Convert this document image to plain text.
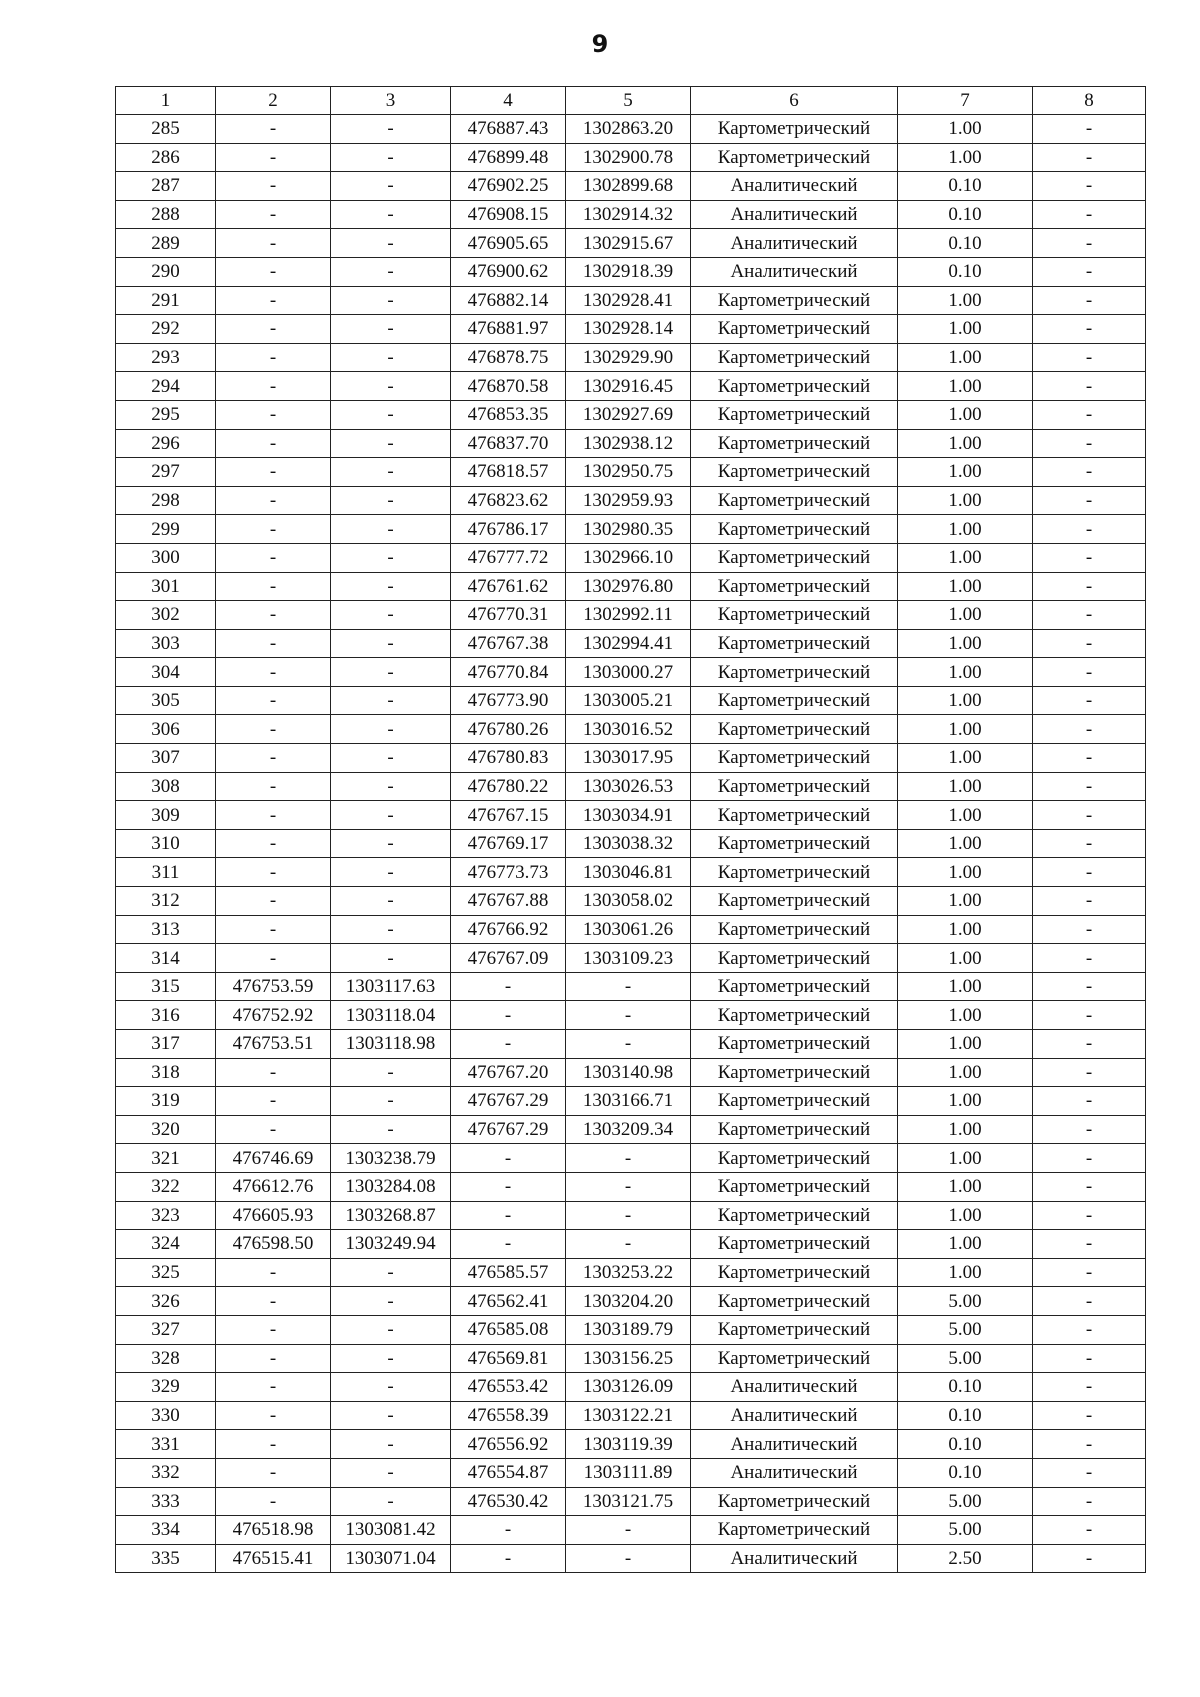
9
1	2	3	4	5	6	7	8
285	-	-	476887.43	1302863.20	Картометрический	1.00	-
286	-	-	476899.48	1302900.78	Картометрический	1.00	-
287	-	-	476902.25	1302899.68	Аналитический	0.10	-
288	-	-	476908.15	1302914.32	Аналитический	0.10	-
289	-	-	476905.65	1302915.67	Аналитический	0.10	-
290	-	-	476900.62	1302918.39	Аналитический	0.10	-
291	-	-	476882.14	1302928.41	Картометрический	1.00	-
292	-	-	476881.97	1302928.14	Картометрический	1.00	-
293	-	-	476878.75	1302929.90	Картометрический	1.00	-
294	-	-	476870.58	1302916.45	Картометрический	1.00	-
295	-	-	476853.35	1302927.69	Картометрический	1.00	-
296	-	-	476837.70	1302938.12	Картометрический	1.00	-
297	-	-	476818.57	1302950.75	Картометрический	1.00	-
298	-	-	476823.62	1302959.93	Картометрический	1.00	-
299	-	-	476786.17	1302980.35	Картометрический	1.00	-
300	-	-	476777.72	1302966.10	Картометрический	1.00	-
301	-	-	476761.62	1302976.80	Картометрический	1.00	-
302	-	-	476770.31	1302992.11	Картометрический	1.00	-
303	-	-	476767.38	1302994.41	Картометрический	1.00	-
304	-	-	476770.84	1303000.27	Картометрический	1.00	-
305	-	-	476773.90	1303005.21	Картометрический	1.00	-
306	-	-	476780.26	1303016.52	Картометрический	1.00	-
307	-	-	476780.83	1303017.95	Картометрический	1.00	-
308	-	-	476780.22	1303026.53	Картометрический	1.00	-
309	-	-	476767.15	1303034.91	Картометрический	1.00	-
310	-	-	476769.17	1303038.32	Картометрический	1.00	-
311	-	-	476773.73	1303046.81	Картометрический	1.00	-
312	-	-	476767.88	1303058.02	Картометрический	1.00	-
313	-	-	476766.92	1303061.26	Картометрический	1.00	-
314	-	-	476767.09	1303109.23	Картометрический	1.00	-
315	476753.59	1303117.63	-	-	Картометрический	1.00	-
316	476752.92	1303118.04	-	-	Картометрический	1.00	-
317	476753.51	1303118.98	-	-	Картометрический	1.00	-
318	-	-	476767.20	1303140.98	Картометрический	1.00	-
319	-	-	476767.29	1303166.71	Картометрический	1.00	-
320	-	-	476767.29	1303209.34	Картометрический	1.00	-
321	476746.69	1303238.79	-	-	Картометрический	1.00	-
322	476612.76	1303284.08	-	-	Картометрический	1.00	-
323	476605.93	1303268.87	-	-	Картометрический	1.00	-
324	476598.50	1303249.94	-	-	Картометрический	1.00	-
325	-	-	476585.57	1303253.22	Картометрический	1.00	-
326	-	-	476562.41	1303204.20	Картометрический	5.00	-
327	-	-	476585.08	1303189.79	Картометрический	5.00	-
328	-	-	476569.81	1303156.25	Картометрический	5.00	-
329	-	-	476553.42	1303126.09	Аналитический	0.10	-
330	-	-	476558.39	1303122.21	Аналитический	0.10	-
331	-	-	476556.92	1303119.39	Аналитический	0.10	-
332	-	-	476554.87	1303111.89	Аналитический	0.10	-
333	-	-	476530.42	1303121.75	Картометрический	5.00	-
334	476518.98	1303081.42	-	-	Картометрический	5.00	-
335	476515.41	1303071.04	-	-	Аналитический	2.50	-
